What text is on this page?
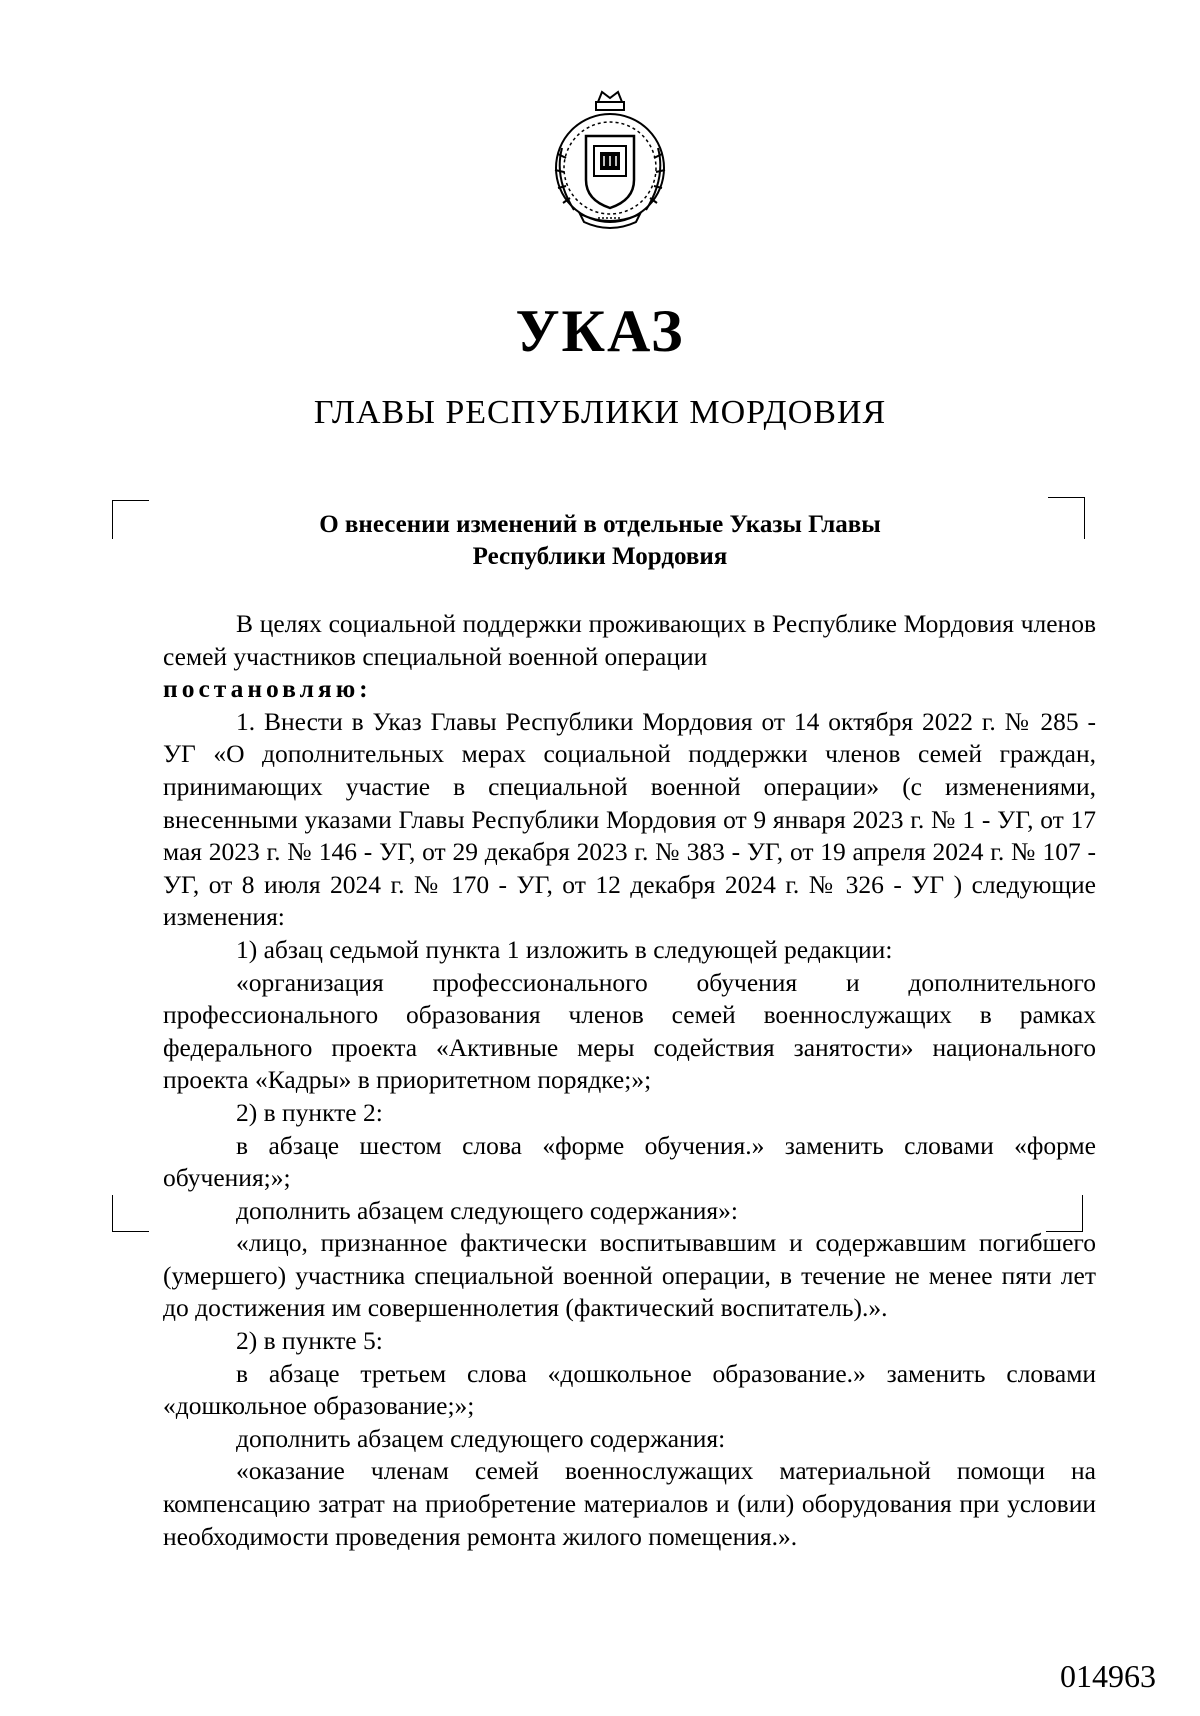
УКАЗ
ГЛАВЫ РЕСПУБЛИКИ МОРДОВИЯ
О внесении изменений в отдельные Указы Главы
Республики Мордовия

В целях социальной поддержки проживающих в Республике Мордовия членов семей участников специальной военной операции
постановляю:

1. Внести в Указ Главы Республики Мордовия от 14 октября 2022 г. № 285 - УГ «О дополнительных мерах социальной поддержки членов семей граждан, принимающих участие в специальной военной операции» (с изменениями, внесенными указами Главы Республики Мордовия от 9 января 2023 г. № 1 - УГ, от 17 мая 2023 г. № 146 - УГ, от 29 декабря 2023 г. № 383 - УГ, от 19 апреля 2024 г. № 107 - УГ, от 8 июля 2024 г. № 170 - УГ, от 12 декабря 2024 г. № 326 - УГ ) следующие изменения:

1) абзац седьмой пункта 1 изложить в следующей редакции:

«организация профессионального обучения и дополнительного профессионального образования членов семей военнослужащих в рамках федерального проекта «Активные меры содействия занятости» национального проекта «Кадры» в приоритетном порядке;»;

2) в пункте 2:

в абзаце шестом слова «форме обучения.» заменить словами «форме обучения;»;

дополнить абзацем следующего содержания»:

«лицо, признанное фактически воспитывавшим и содержавшим погибшего (умершего) участника специальной военной операции, в течение не менее пяти лет до достижения им совершеннолетия (фактический воспитатель).».

2) в пункте 5:

в абзаце третьем слова «дошкольное образование.» заменить словами «дошкольное образование;»;

дополнить абзацем следующего содержания:

«оказание членам семей военнослужащих материальной помощи на компенсацию затрат на приобретение материалов и (или) оборудования при условии необходимости проведения ремонта жилого помещения.».

014963
